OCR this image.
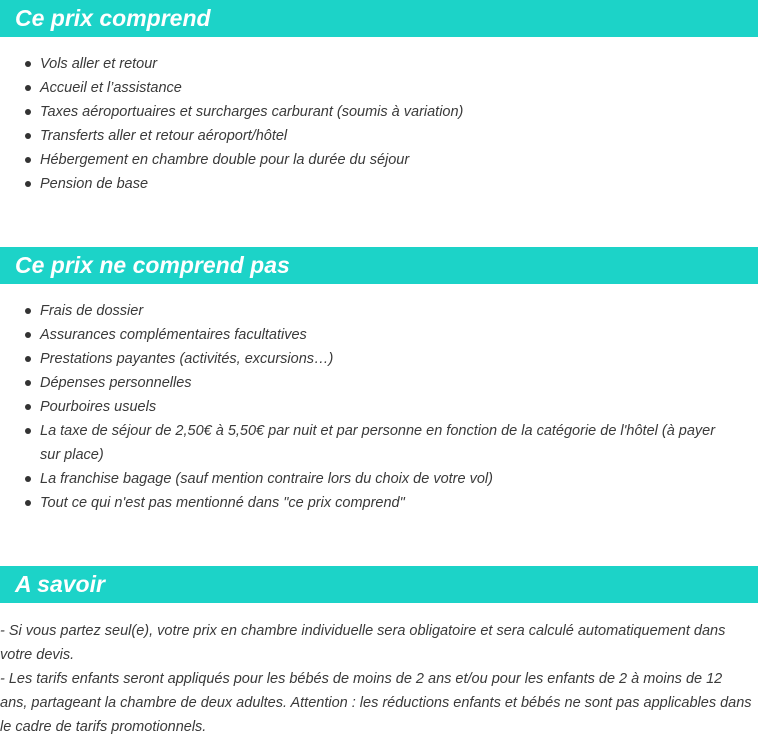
Ce prix comprend
Vols aller et retour
Accueil et l’assistance
Taxes aéroportuaires et surcharges carburant (soumis à variation)
Transferts aller et retour aéroport/hôtel
Hébergement en chambre double pour la durée du séjour
Pension de base
Ce prix ne comprend pas
Frais de dossier
Assurances complémentaires facultatives
Prestations payantes (activités, excursions…)
Dépenses personnelles
Pourboires usuels
La taxe de séjour de 2,50€ à 5,50€ par nuit et par personne en fonction de la catégorie de l'hôtel (à payer sur place)
La franchise bagage (sauf mention contraire lors du choix de votre vol)
Tout ce qui n'est pas mentionné dans "ce prix comprend"
A savoir

- Si vous partez seul(e), votre prix en chambre individuelle sera obligatoire et sera calculé automatiquement dans votre devis.

- Les tarifs enfants seront appliqués pour les bébés de moins de 2 ans et/ou pour les enfants de 2 à moins de 12 ans, partageant la chambre de deux adultes. Attention : les réductions enfants et bébés ne sont pas applicables dans le cadre de tarifs promotionnels.
